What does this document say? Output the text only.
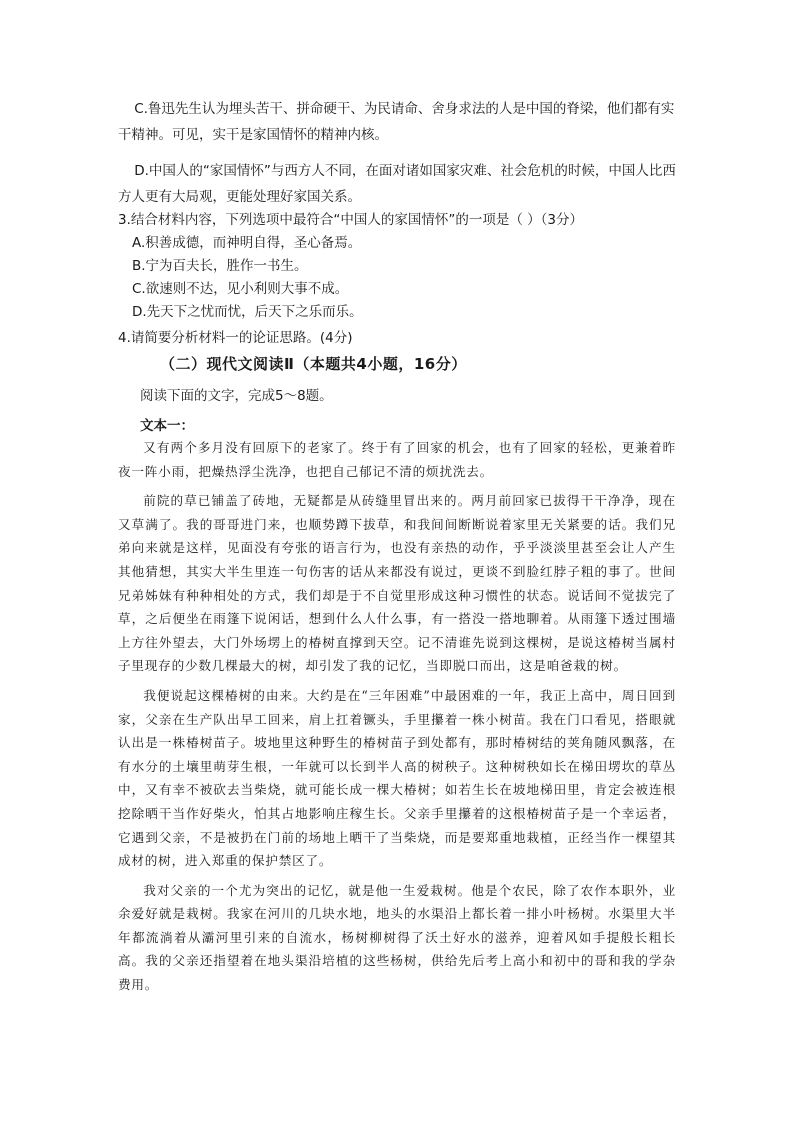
C.鲁迅先生认为埋头苦干、拼命硬干、为民请命、舍身求法的人是中国的脊梁，他们都有实干精神。可见，实干是家国情怀的精神内核。

D.中国人的“家国情怀”与西方人不同，在面对诸如国家灾难、社会危机的时候，中国人比西方人更有大局观，更能处理好家国关系。

3.结合材料内容，下列选项中最符合“中国人的家国情怀”的一项是（ ）（3分）

A.积善成德，而神明自得，圣心备焉。

B.宁为百夫长，胜作一书生。

C.欲速则不达，见小利则大事不成。

D.先天下之忧而忧，后天下之乐而乐。

4.请简要分析材料一的论证思路。(4分)

（二）现代文阅读Ⅱ（本题共4小题，16分）
阅读下面的文字，完成5～8题。
文本一：

又有两个多月没有回原下的老家了。终于有了回家的机会，也有了回家的轻松，更兼着昨夜一阵小雨，把燥热浮尘洗净，也把自己郁记不清的烦扰洗去。

前院的草已铺盖了砖地，无疑都是从砖缝里冒出来的。两月前回家已拔得干干净净，现在又草满了。我的哥哥进门来，也顺势蹲下拔草，和我间间断断说着家里无关紧要的话。我们兄弟向来就是这样，见面没有夸张的语言行为，也没有亲热的动作，乎乎淡淡里甚至会让人产生其他猜想，其实大半生里连一句伤害的话从来都没有说过，更谈不到脸红脖子粗的事了。世间兄弟姊妹有种种相处的方式，我们却是于不自觉里形成这种习惯性的状态。说话间不觉拔完了草，之后便坐在雨篷下说闲话，想到什么人什么事，有一搭没一搭地聊着。从雨篷下透过围墙上方往外望去，大门外场塄上的椿树直撑到天空。记不清谁先说到这棵树，是说这椿树当属村子里现存的少数几棵最大的树，却引发了我的记忆，当即脱口而出，这是咱爸栽的树。

我便说起这棵椿树的由来。大约是在“三年困难”中最困难的一年，我正上高中，周日回到家，父亲在生产队出早工回来，肩上扛着镢头，手里攥着一株小树苗。我在门口看见，搭眼就认出是一株椿树苗子。坡地里这种野生的椿树苗子到处都有，那时椿树结的荚角随风飘落，在有水分的土壤里萌芽生根，一年就可以长到半人高的树秧子。这种树秧如长在梯田塄坎的草丛中，又有幸不被砍去当柴烧，就可能长成一棵大椿树；如若生长在坡地梯田里，肯定会被连根挖除晒干当作好柴火，怕其占地影响庄稼生长。父亲手里攥着的这根椿树苗子是一个幸运者，它遇到父亲，不是被扔在门前的场地上晒干了当柴烧，而是要郑重地栽植，正经当作一棵望其成材的树，进入郑重的保护禁区了。

我对父亲的一个尤为突出的记忆，就是他一生爱栽树。他是个农民，除了农作本职外，业余爱好就是栽树。我家在河川的几块水地，地头的水渠沿上都长着一排小叶杨树。水渠里大半年都流淌着从灞河里引来的自流水，杨树柳树得了沃土好水的滋养，迎着风如手提般长粗长高。我的父亲还指望着在地头渠沿培植的这些杨树，供给先后考上高小和初中的哥和我的学杂费用。
